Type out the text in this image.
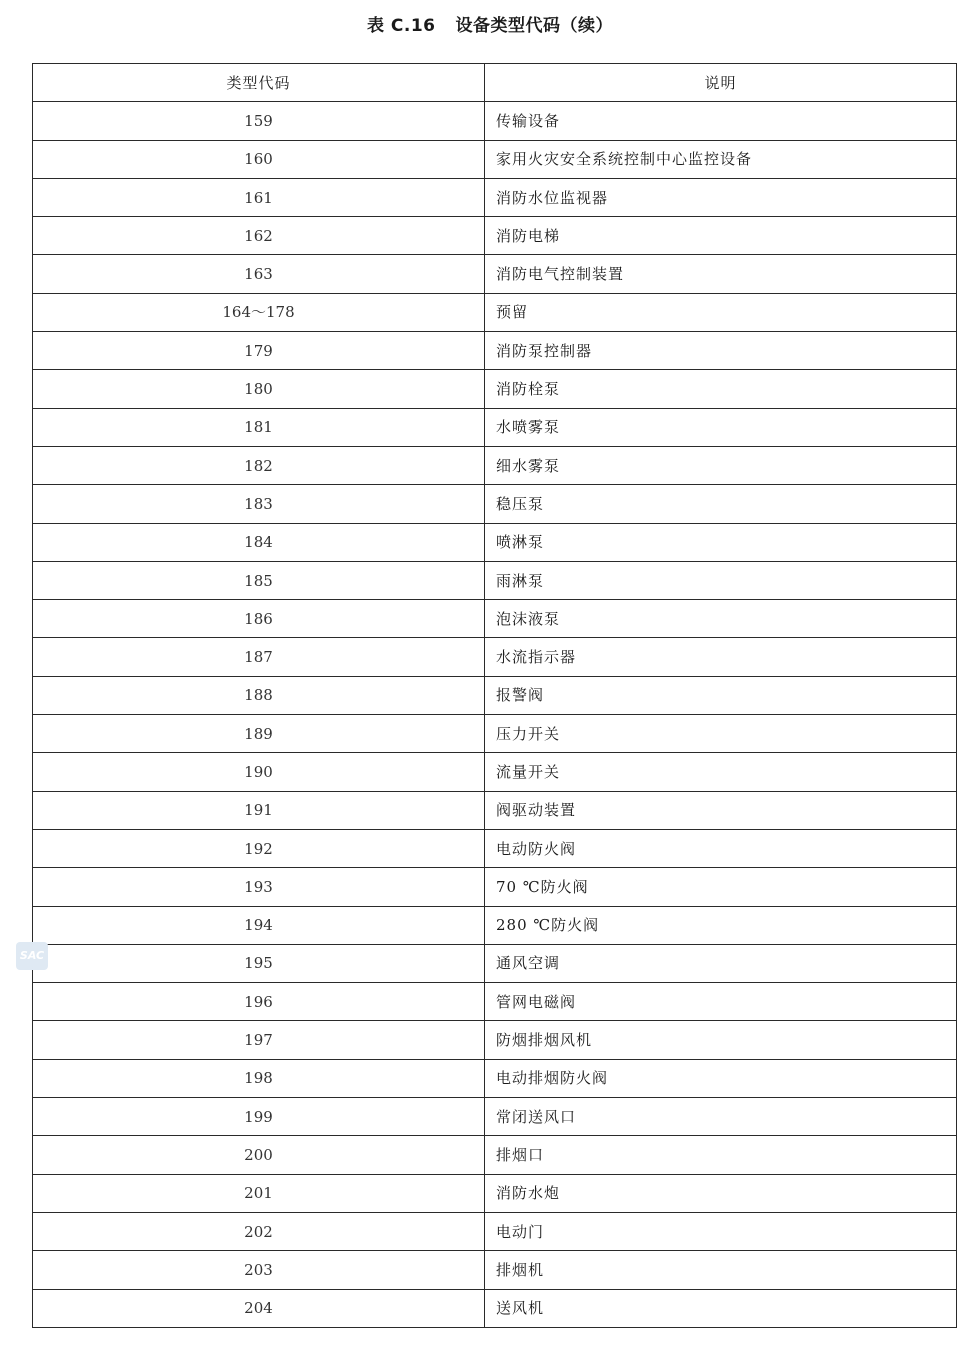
表 C.16 设备类型代码（续）
类型代码	说明
159	传输设备
160	家用火灾安全系统控制中心监控设备
161	消防水位监视器
162	消防电梯
163	消防电气控制装置
164～178	预留
179	消防泵控制器
180	消防栓泵
181	水喷雾泵
182	细水雾泵
183	稳压泵
184	喷淋泵
185	雨淋泵
186	泡沫液泵
187	水流指示器
188	报警阀
189	压力开关
190	流量开关
191	阀驱动装置
192	电动防火阀
193	70 ℃防火阀
194	280 ℃防火阀
195	通风空调
196	管网电磁阀
197	防烟排烟风机
198	电动排烟防火阀
199	常闭送风口
200	排烟口
201	消防水炮
202	电动门
203	排烟机
204	送风机
SAC
